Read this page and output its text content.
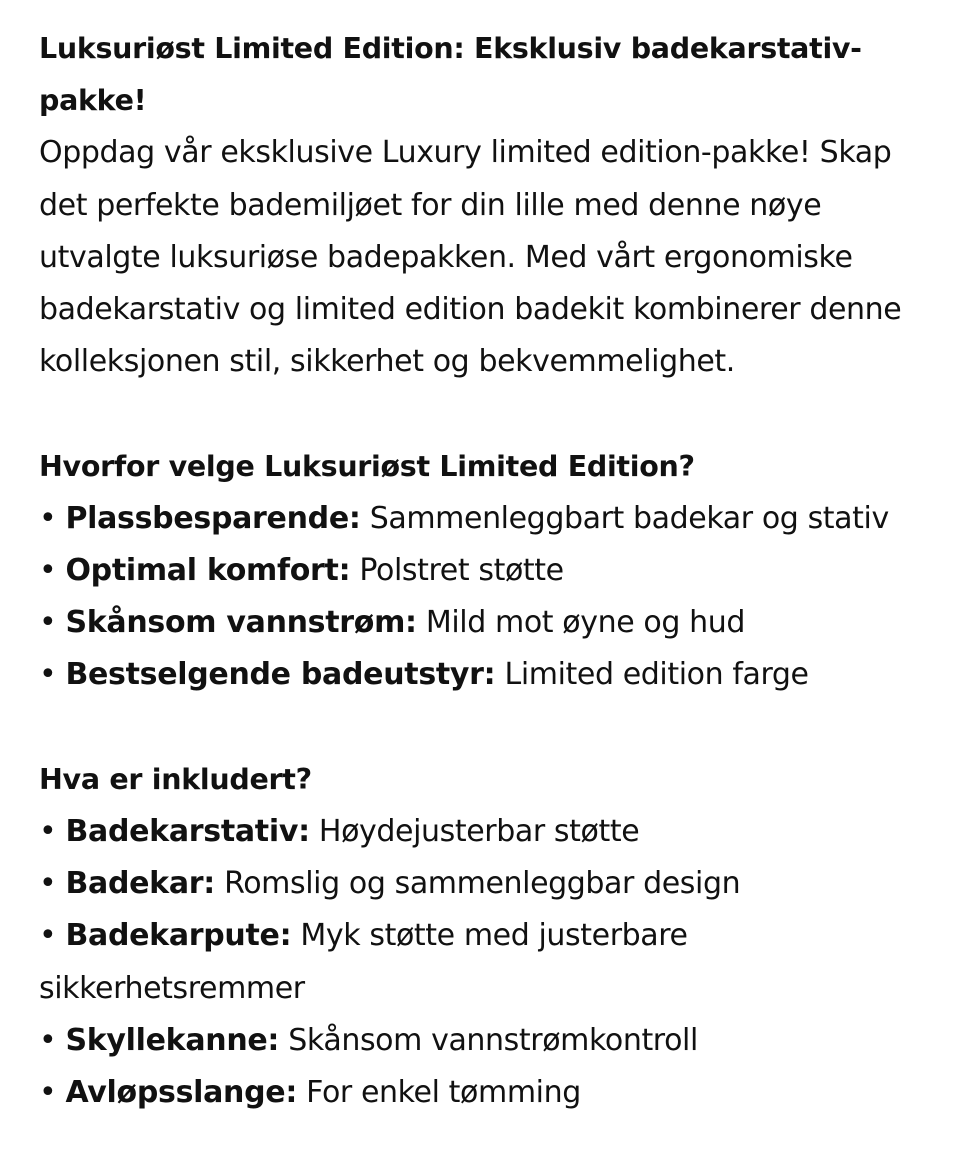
Luksuriøst Limited Edition: Eksklusiv badekarstativ-pakke!

Oppdag vår eksklusive Luxury limited edition-pakke! Skap det perfekte bademiljøet for din lille med denne nøye utvalgte luksuriøse badepakken. Med vårt ergonomiske badekarstativ og limited edition badekit kombinerer denne kolleksjonen stil, sikkerhet og bekvemmelighet.

Hvorfor velge Luksuriøst Limited Edition?
• Plassbesparende: Sammenleggbart badekar og stativ
• Optimal komfort: Polstret støtte
• Skånsom vannstrøm: Mild mot øyne og hud
• Bestselgende badeutstyr: Limited edition farge
Hva er inkludert?
• Badekarstativ: Høydejusterbar støtte
• Badekar: Romslig og sammenleggbar design
• Badekarpute: Myk støtte med justerbare sikkerhetsremmer
• Skyllekanne: Skånsom vannstrømkontroll
• Avløpsslange: For enkel tømming
